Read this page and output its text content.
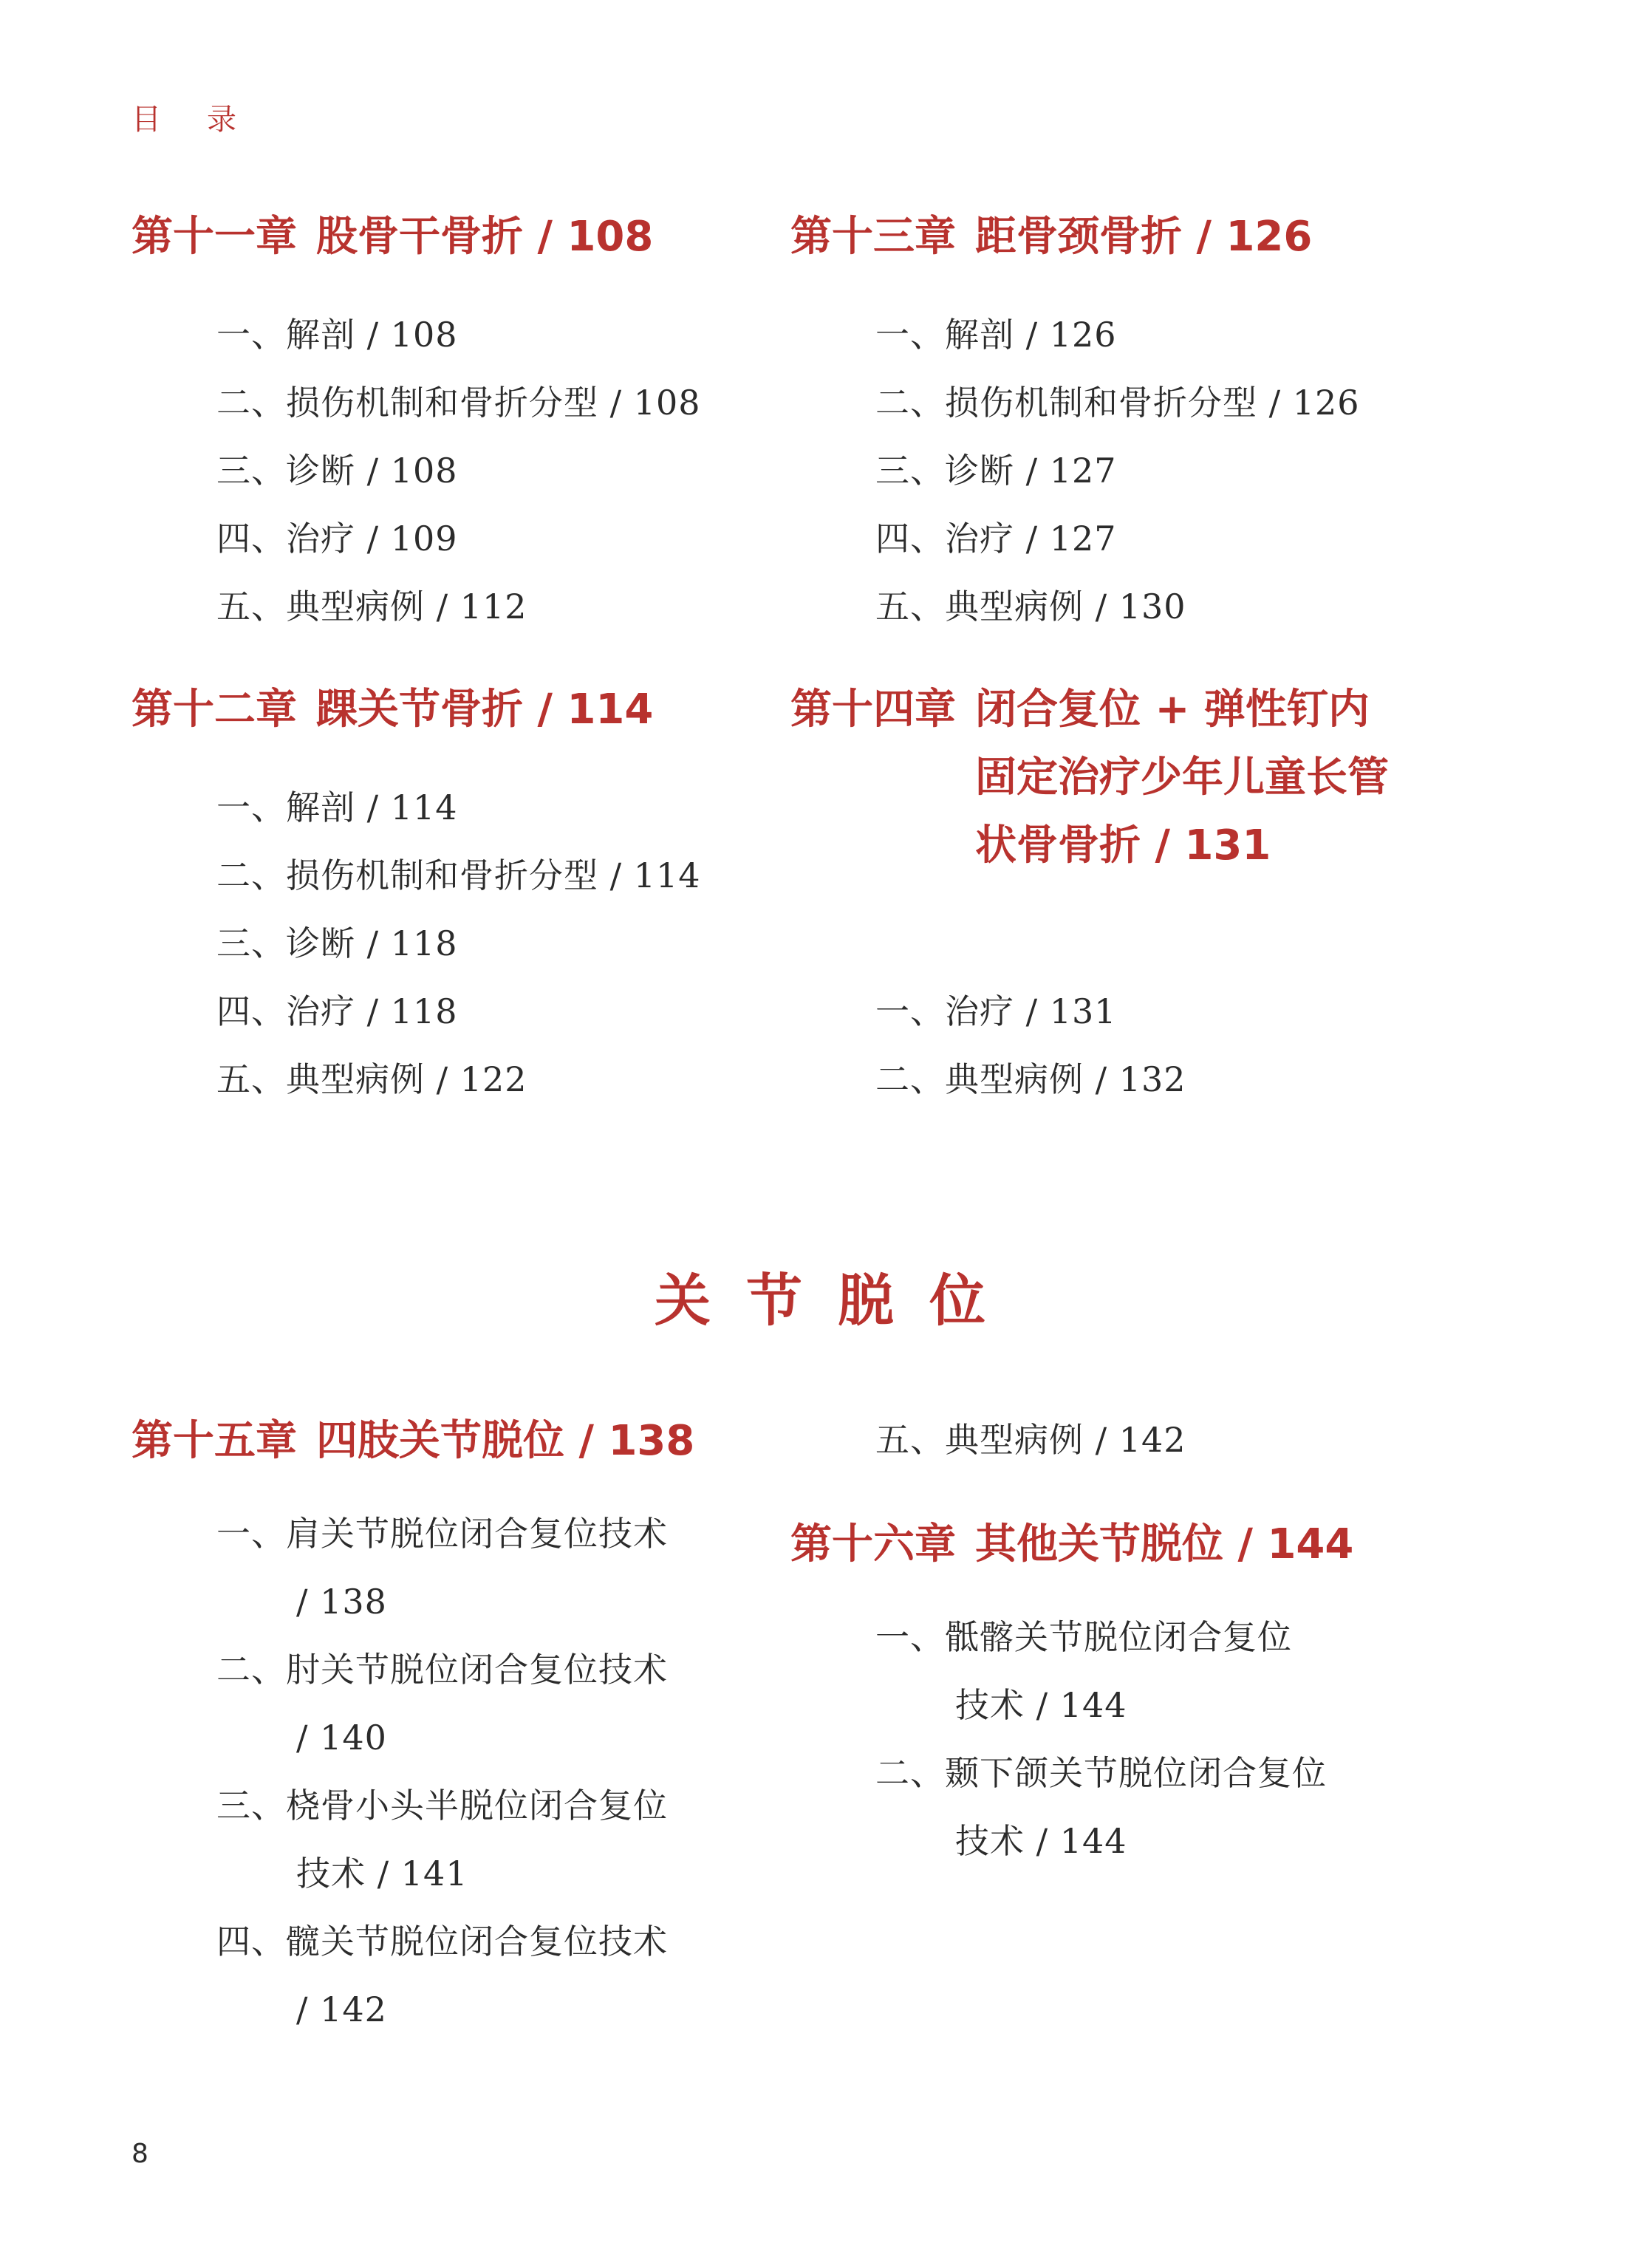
目录
第十一章 股骨干骨折 / 108
一、解剖 / 108
二、损伤机制和骨折分型 / 108
三、诊断 / 108
四、治疗 / 109
五、典型病例 / 112
第十二章 踝关节骨折 / 114
一、解剖 / 114
二、损伤机制和骨折分型 / 114
三、诊断 / 118
四、治疗 / 118
五、典型病例 / 122
第十三章 距骨颈骨折 / 126
一、解剖 / 126
二、损伤机制和骨折分型 / 126
三、诊断 / 127
四、治疗 / 127
五、典型病例 / 130
第十四章 闭合复位 + 弹性钉内固定治疗少年儿童长管状骨骨折 / 131
一、治疗 / 131
二、典型病例 / 132
关节脱位
第十五章 四肢关节脱位 / 138
一、肩关节脱位闭合复位技术
/ 138
二、肘关节脱位闭合复位技术
/ 140
三、桡骨小头半脱位闭合复位
技术 / 141
四、髋关节脱位闭合复位技术
/ 142
五、典型病例 / 142
第十六章 其他关节脱位 / 144
一、骶髂关节脱位闭合复位
技术 / 144
二、颞下颌关节脱位闭合复位
技术 / 144
8
